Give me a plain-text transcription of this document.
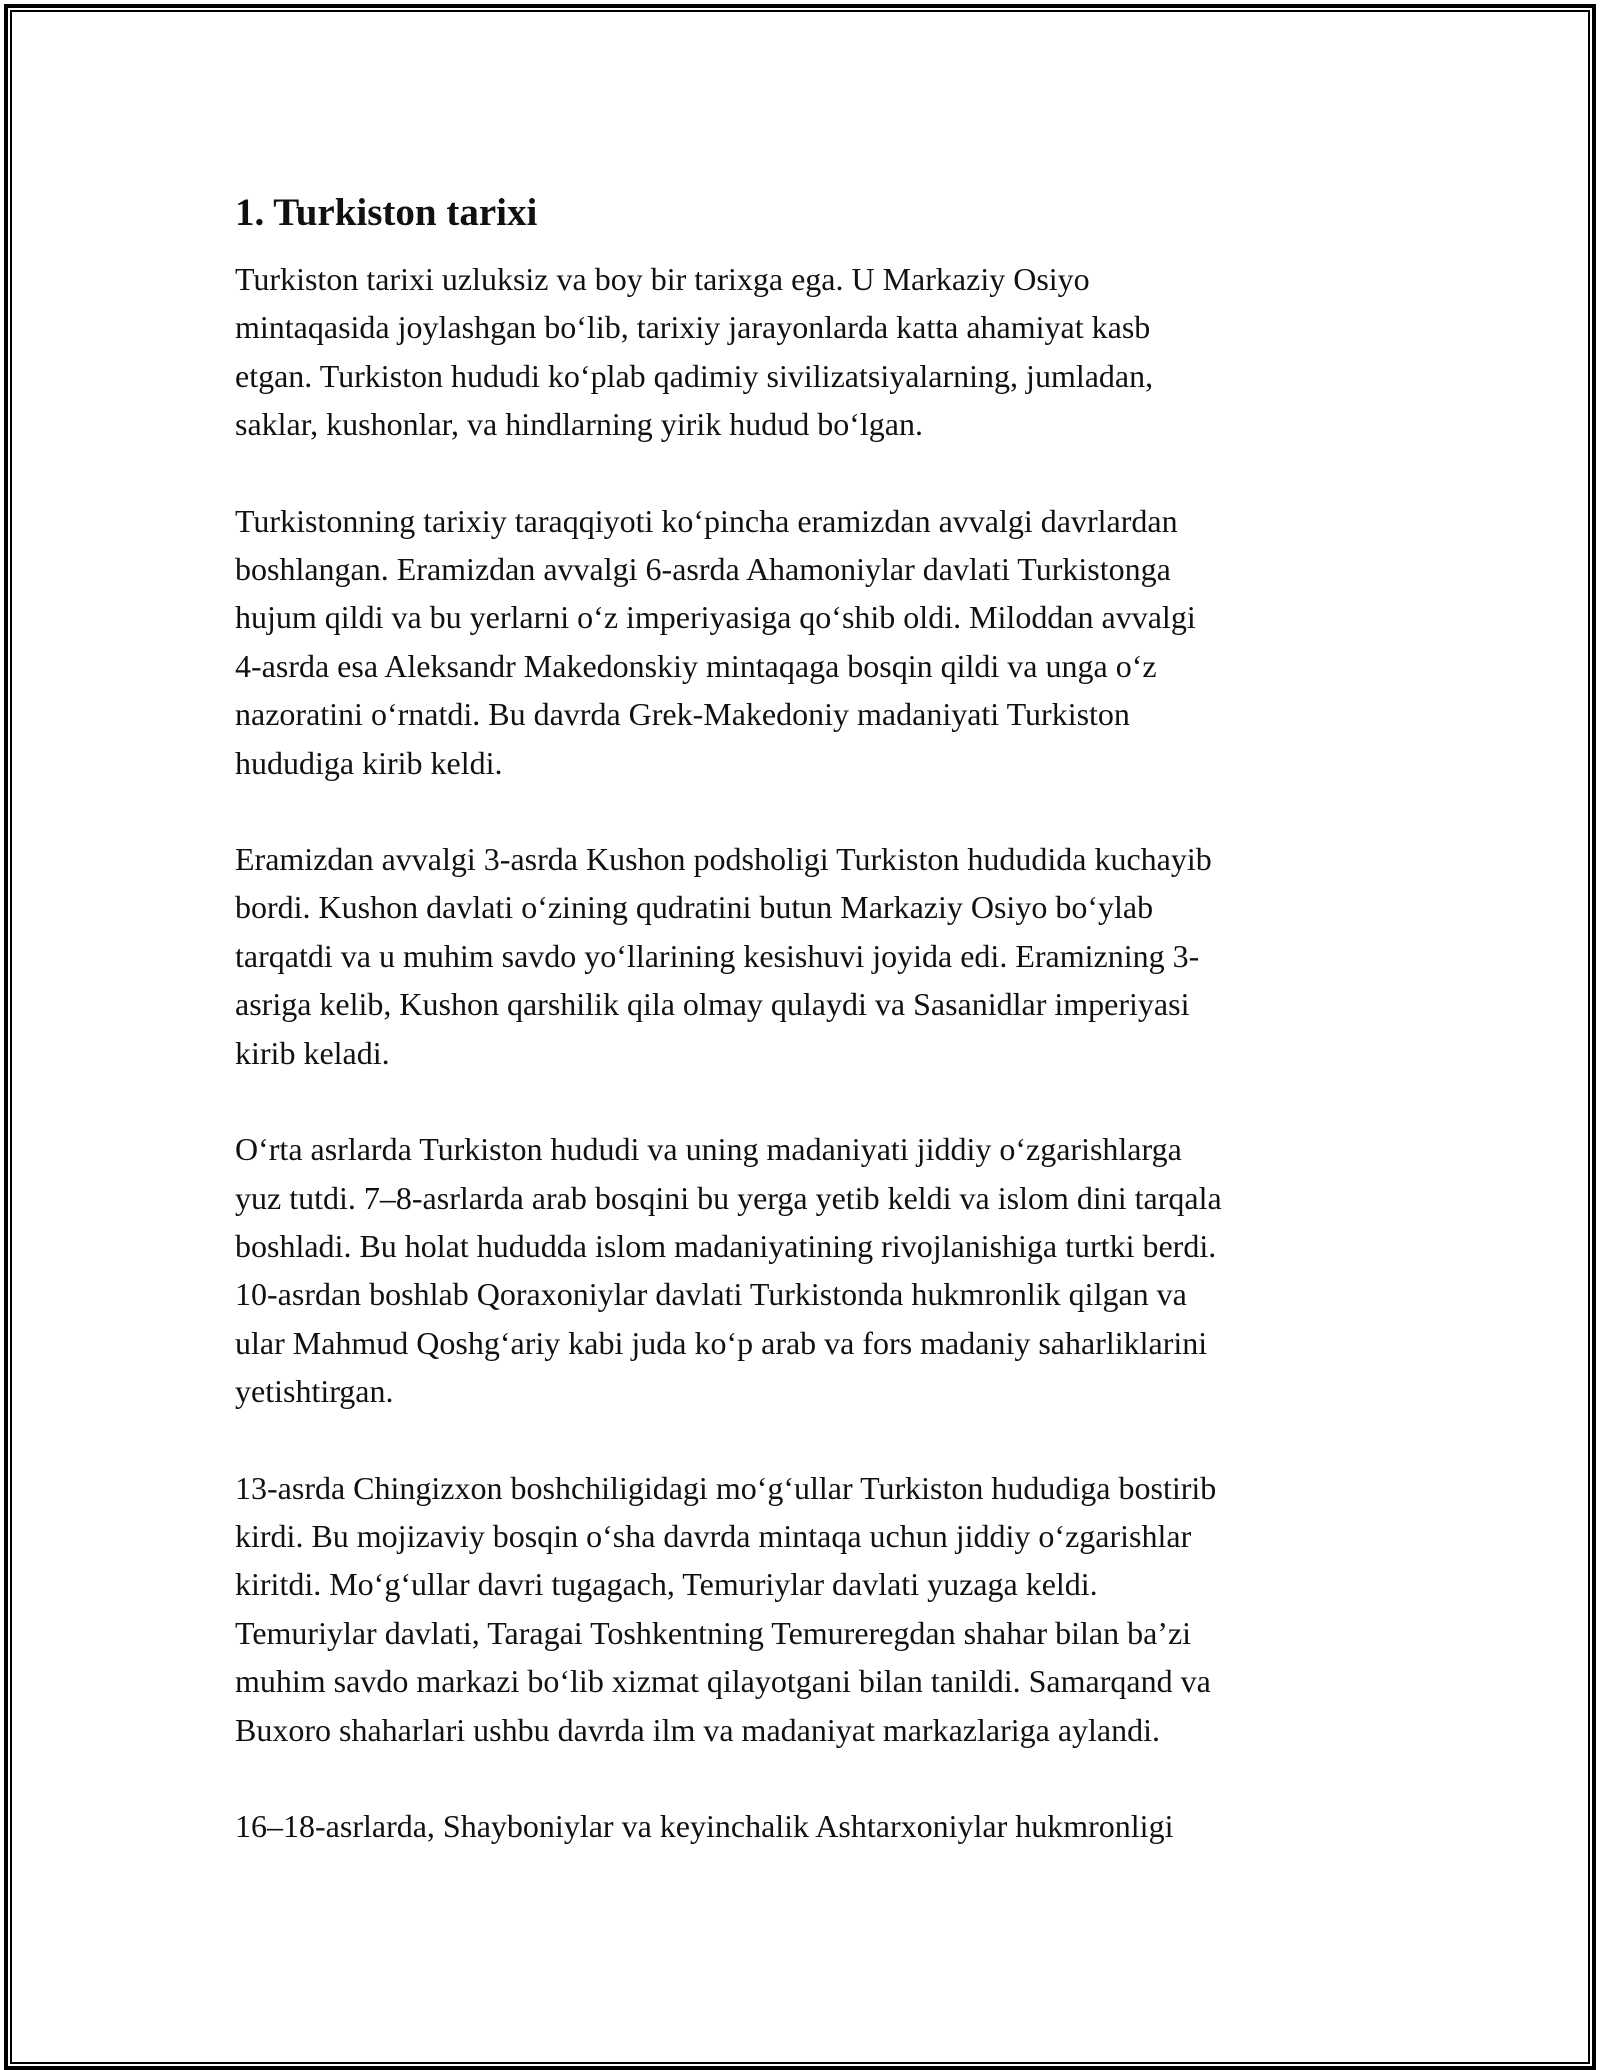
1. Turkiston tarixi
Turkiston tarixi uzluksiz va boy bir tarixga ega. U Markaziy Osiyo
mintaqasida joylashgan bo‘lib, tarixiy jarayonlarda katta ahamiyat kasb
etgan. Turkiston hududi ko‘plab qadimiy sivilizatsiyalarning, jumladan,
saklar, kushonlar, va hindlarning yirik hudud bo‘lgan.
Turkistonning tarixiy taraqqiyoti ko‘pincha eramizdan avvalgi davrlardan
boshlangan. Eramizdan avvalgi 6-asrda Ahamoniylar davlati Turkistonga
hujum qildi va bu yerlarni o‘z imperiyasiga qo‘shib oldi. Miloddan avvalgi
4-asrda esa Aleksandr Makedonskiy mintaqaga bosqin qildi va unga o‘z
nazoratini o‘rnatdi. Bu davrda Grek-Makedoniy madaniyati Turkiston
hududiga kirib keldi.
Eramizdan avvalgi 3-asrda Kushon podsholigi Turkiston hududida kuchayib
bordi. Kushon davlati o‘zining qudratini butun Markaziy Osiyo bo‘ylab
tarqatdi va u muhim savdo yo‘llarining kesishuvi joyida edi. Eramizning 3-
asriga kelib, Kushon qarshilik qila olmay qulaydi va Sasanidlar imperiyasi
kirib keladi.
O‘rta asrlarda Turkiston hududi va uning madaniyati jiddiy o‘zgarishlarga
yuz tutdi. 7–8-asrlarda arab bosqini bu yerga yetib keldi va islom dini tarqala
boshladi. Bu holat hududda islom madaniyatining rivojlanishiga turtki berdi.
10-asrdan boshlab Qoraxoniylar davlati Turkistonda hukmronlik qilgan va
ular Mahmud Qoshg‘ariy kabi juda ko‘p arab va fors madaniy saharliklarini
yetishtirgan.
13-asrda Chingizxon boshchiligidagi mo‘g‘ullar Turkiston hududiga bostirib
kirdi. Bu mojizaviy bosqin o‘sha davrda mintaqa uchun jiddiy o‘zgarishlar
kiritdi. Mo‘g‘ullar davri tugagach, Temuriylar davlati yuzaga keldi.
Temuriylar davlati, Taragai Toshkentning Temureregdan shahar bilan ba’zi
muhim savdo markazi bo‘lib xizmat qilayotgani bilan tanildi. Samarqand va
Buxoro shaharlari ushbu davrda ilm va madaniyat markazlariga aylandi.
16–18-asrlarda, Shayboniylar va keyinchalik Ashtarxoniylar hukmronligi
